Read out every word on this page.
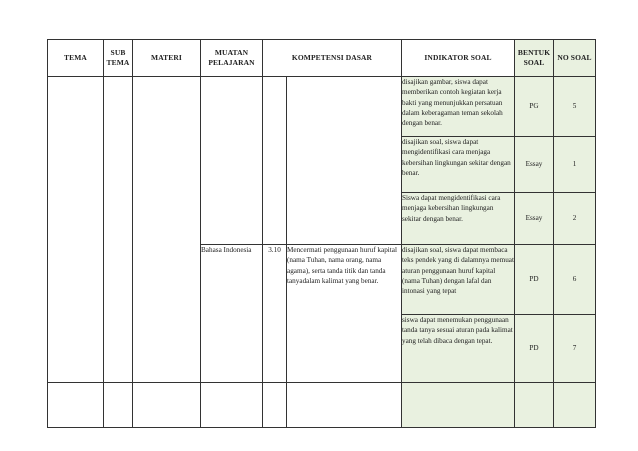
TEMA	SUB TEMA	MATERI	MUATAN PELAJARAN	KOMPETENSI DASAR		INDIKATOR SOAL	BENTUK SOAL	NO SOAL
						disajikan gambar, siswa dapat memberikan contoh kegiatan kerja bakti yang menunjukkan persatuan dalam keberagaman teman sekolah dengan benar.	PG	5
						disajikan soal, siswa dapat mengidentifikasi cara menjaga kebersihan lingkungan sekitar dengan benar.	Essay	1
						Siswa dapat mengidentifikasi cara menjaga kebersihan lingkungan sekitar dengan benar.	Essay	2
			Bahasa Indonesia	3.10	Mencermati penggunaan huruf kapital (nama Tuhan, nama orang, nama agama), serta tanda titik dan tanda tanyadalam kalimat yang benar.	disajikan soal, siswa dapat membaca teks pendek yang di dalamnya memuat aturan penggunaan huruf kapital (nama Tuhan) dengan lafal dan intonasi yang tepat	PD	6
						siswa dapat menemukan penggunaan tanda tanya sesuai aturan pada kalimat yang telah dibaca dengan tepat.	PD	7
